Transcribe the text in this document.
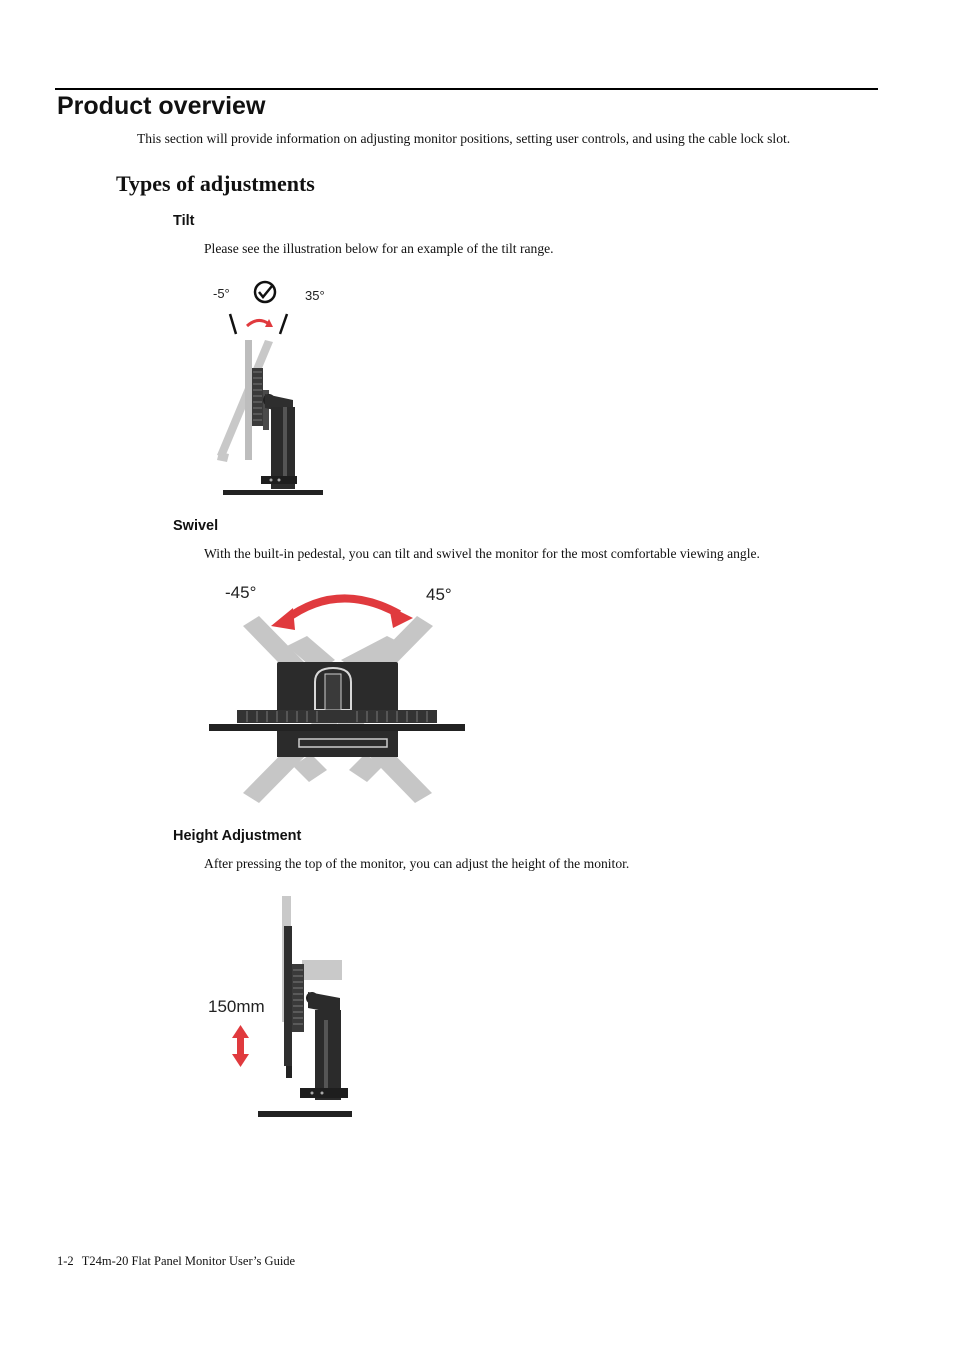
Product overview

This section will provide information on adjusting monitor positions, setting user controls, and using the cable lock slot.

Types of adjustments
Tilt

Please see the illustration below for an example of the tilt range.

-5°	35°
Swivel

With the built-in pedestal, you can tilt and swivel the monitor for the most comfortable viewing angle.

-45°	45°
Height Adjustment

After pressing the top of the monitor, you can adjust the height of the monitor.

150mm
1-2 T24m-20 Flat Panel Monitor User’s Guide
